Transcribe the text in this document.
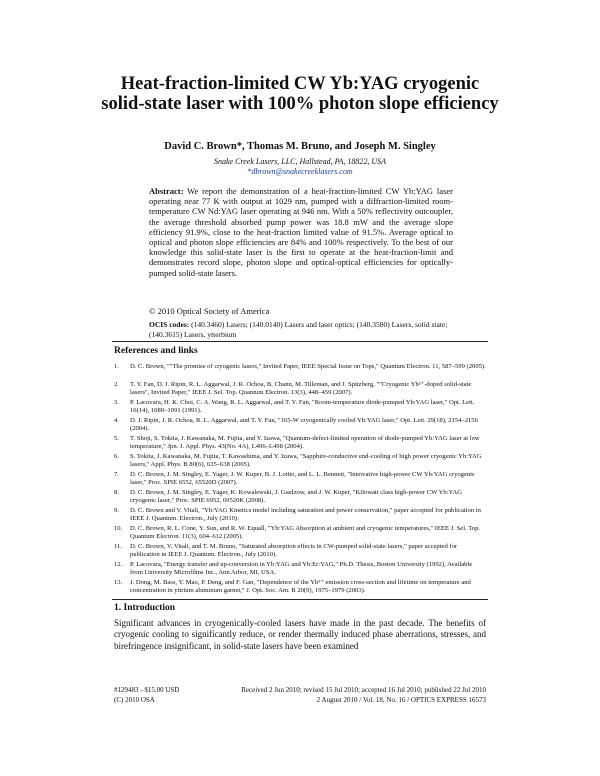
Heat-fraction-limited CW Yb:YAG cryogenic solid-state laser with 100% photon slope efficiency
David C. Brown*, Thomas M. Bruno, and Joseph M. Singley
Snake Creek Lasers, LLC, Hallstead, PA, 18822, USA
*dbrown@snakecreeklasers.com

Abstract: We report the demonstration of a heat-fraction-limited CW Yb:YAG laser operating near 77 K with output at 1029 nm, pumped with a diffraction-limited room-temperature CW Nd:YAG laser operating at 946 nm. With a 50% reflectivity outcoupler, the average threshold absorbed pump power was 18.8 mW and the average slope efficiency 91.9%, close to the heat-fraction limited value of 91.5%. Average optical to optical and photon slope efficiencies are 84% and 100% respectively. To the best of our knowledge this solid-state laser is the first to operate at the heat-fraction-limit and demonstrates record slope, photon slope and optical-optical efficiencies for optically-pumped solid-state lasers.

© 2010 Optical Society of America

OCIS codes: (140.3460) Lasers; (140.0140) Lasers and laser optics; (140.3580) Lasers, solid state; (140.3615) Lasers, ytterbium

References and links
1.	D. C. Brown, ""The promise of cryogenic lasers," Invited Paper, IEEE Special Issue on Tops," Quantum Electron. 11, 587–599 (2005).
2.	T. Y. Fan, D. J. Ripin, R. L. Aggarwal, J. R. Ochoa, B. Chann, M. Tilleman, and J. Spitzberg, ""Cryogenic Yb³⁺-doped solid-state lasers", Invited Paper," IEEE J. Sel. Top. Quantum Electron. 13(3), 448–459 (2007).
3.	P. Lacovara, H. K. Choi, C. A. Wang, R. L. Aggarwal, and T. Y. Fan, "Room-temperature diode-pumped Yb:YAG laser," Opt. Lett. 16(14), 1089–1091 (1991).
4.	D. J. Ripin, J. R. Ochoa, R. L. Aggarwal, and T. Y. Fan, "165-W cryogenically cooled Yb:YAG laser," Opt. Lett. 29(18), 2154–2156 (2004).
5.	T. Shoji, S. Tokita, J. Kawanaka, M. Fujita, and Y. Izawa, "Quantum-defect-limited operation of diode-pumped Yb:YAG laser at low temperature," Jpn. J. Appl. Phys. 43(No. 4A), L496–L498 (2004).
6.	S. Tokita, J. Kawanaka, M. Fujita, T. Kawashima, and Y. Izawa, "Sapphire-conductive end-cooling of high power cryogenic Yb:YAG lasers," Appl. Phys. B 80(6), 635–638 (2005).
7.	D. C. Brown, J. M. Singley, E. Yager, J. W. Kuper, B. J. Lotito, and L. L. Bennett, "Innovative high-power CW Yb:YAG cryogenic laser," Proc. SPIE 6552, 65520D (2007).
8.	D. C. Brown, J. M. Singley, E. Yager, K. Kowalewski, J. Guelzow, and J. W. Kuper, "Kilowatt class high-power CW Yb:YAG cryogenic laser," Proc. SPIE 6952, 69520K (2008).
9.	D. C. Brown and V. Vitali, "Yb:YAG Kinetics model including saturation and power conservation," paper accepted for publication in IEEE J. Quantum. Electron., July (2010).
10.	D. C. Brown, R. L. Cone, Y. Sun, and R. W. Equall, "Yb:YAG Absorption at ambient and cryogenic temperatures," IEEE J. Sel. Top. Quantum Electron. 11(3), 604–612 (2005).
11.	D. C. Brown, V. Vitali, and T. M. Bruno, "Saturated absorption effects in CW-pumped solid-state lasers," paper accepted for publication in IEEE J. Quantum. Electron., July (2010).
12.	P. Lacovara, "Energy transfer and up-conversion in Yb:YAG and Yb:Er:YAG," Ph.D. Thesis, Boston University (1992), Available from University Microfilms Inc., Ann Arbor, MI, USA.
13.	J. Dong, M. Bass, Y. Mao, P. Deng, and F. Gan, "Dependence of the Yb³⁺ emission cross-section and lifetime on temperature and concentration in yttrium aluminum garnet," J. Opt. Soc. Am. B 20(9), 1975–1979 (2003).
1. Introduction

Significant advances in cryogenically-cooled lasers have made in the past decade. The benefits of cryogenic cooling to significantly reduce, or render thermally induced phase aberrations, stresses, and birefringence insignificant, in solid-state lasers have been examined

#129483 - $15.00 USD
(C) 2010 OSA
Received 2 Jun 2010; revised 15 Jul 2010; accepted 16 Jul 2010; published 22 Jul 2010
2 August 2010 / Vol. 18, No. 16 / OPTICS EXPRESS 16573
